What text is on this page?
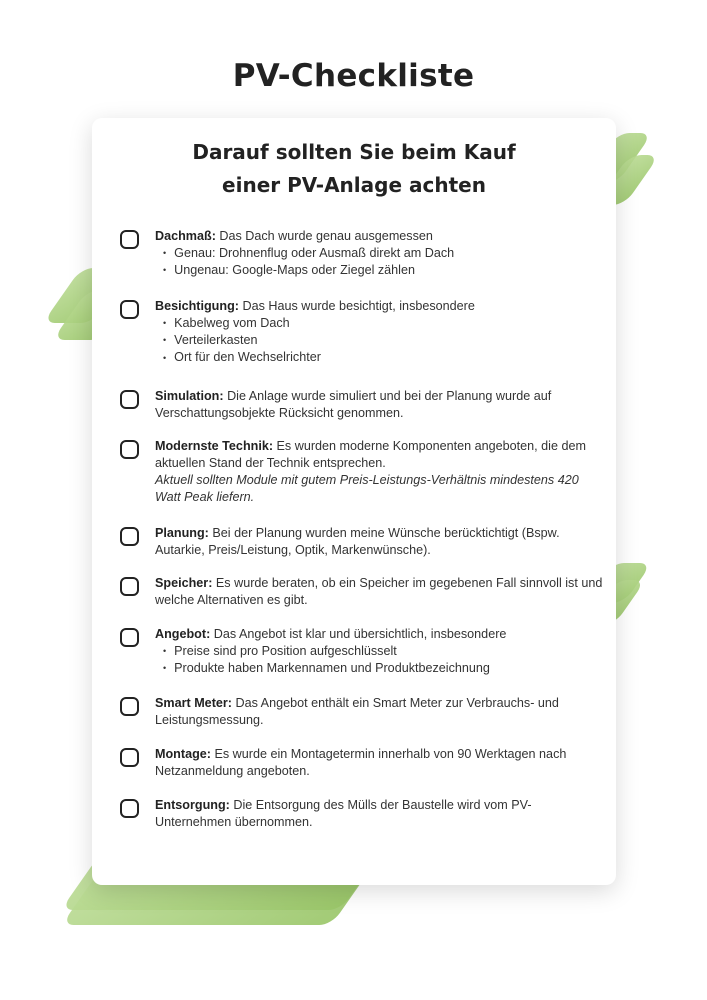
PV-Checkliste
Darauf sollten Sie beim Kauf
einer PV-Anlage achten
Dachmaß: Das Dach wurde genau ausgemessen
• Genau: Drohnenflug oder Ausmaß direkt am Dach
• Ungenau: Google-Maps oder Ziegel zählen
Besichtigung: Das Haus wurde besichtigt, insbesondere
• Kabelweg vom Dach
• Verteilerkasten
• Ort für den Wechselrichter
Simulation: Die Anlage wurde simuliert und bei der Planung wurde auf Verschattungsobjekte Rücksicht genommen.
Modernste Technik: Es wurden moderne Komponenten angeboten, die dem aktuellen Stand der Technik entsprechen.
Aktuell sollten Module mit gutem Preis-Leistungs-Verhältnis mindestens 420 Watt Peak liefern.
Planung: Bei der Planung wurden meine Wünsche berücktichtigt (Bspw. Autarkie, Preis/Leistung, Optik, Markenwünsche).
Speicher: Es wurde beraten, ob ein Speicher im gegebenen Fall sinnvoll ist und welche Alternativen es gibt.
Angebot: Das Angebot ist klar und übersichtlich, insbesondere
• Preise sind pro Position aufgeschlüsselt
• Produkte haben Markennamen und Produktbezeichnung
Smart Meter: Das Angebot enthält ein Smart Meter zur Verbrauchs- und Leistungsmessung.
Montage: Es wurde ein Montagetermin innerhalb von 90 Werktagen nach Netzanmeldung angeboten.
Entsorgung: Die Entsorgung des Mülls der Baustelle wird vom PV-Unternehmen übernommen.
